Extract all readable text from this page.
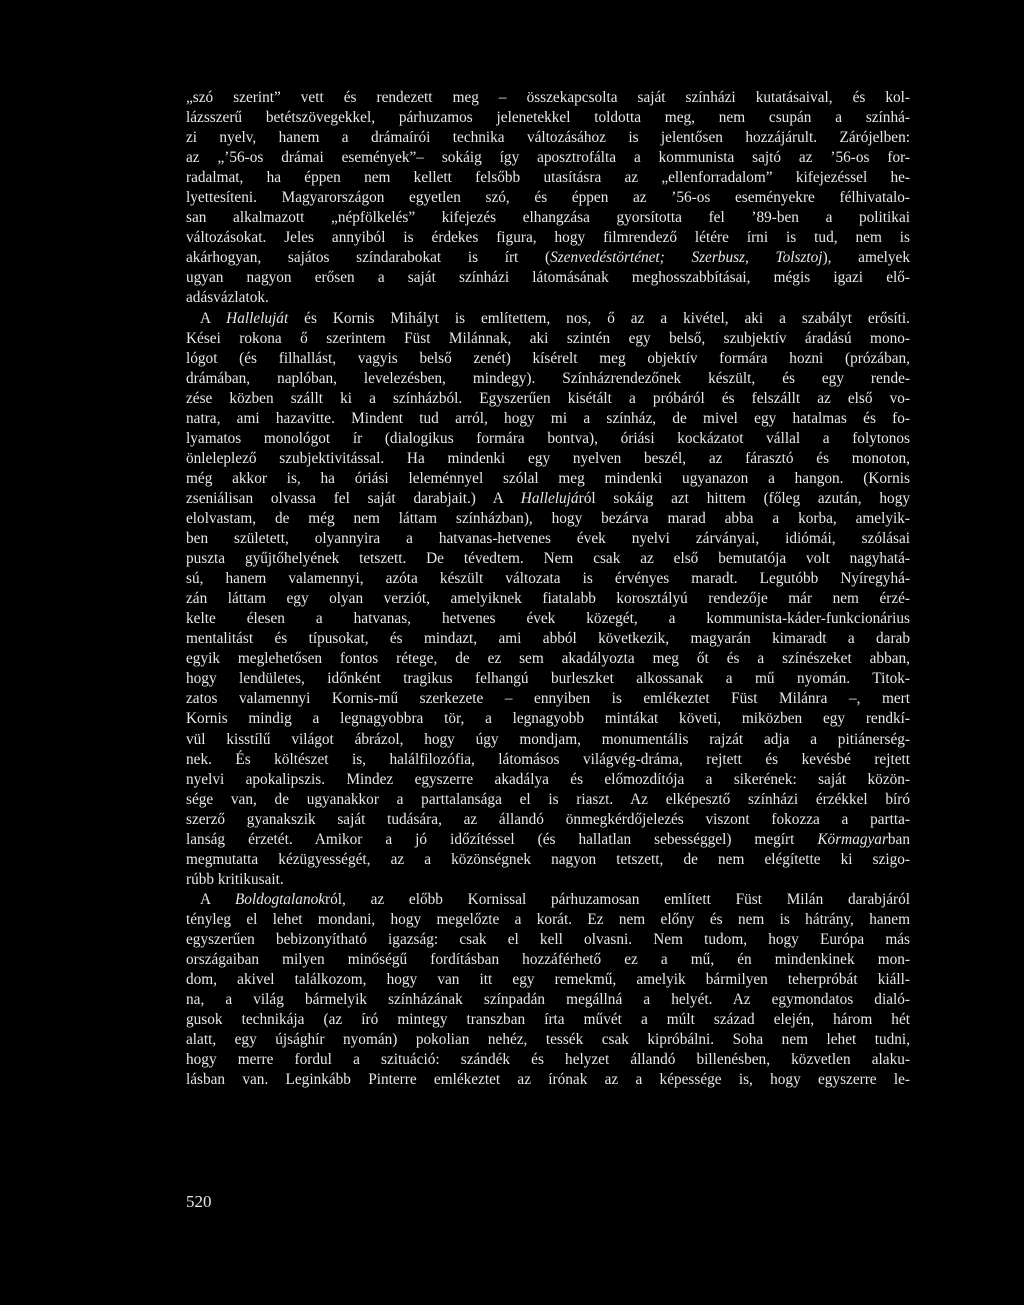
„szó szerint” vett és rendezett meg – összekapcsolta saját színházi kutatásaival, és kol-
lázsszerű betétszövegekkel, párhuzamos jelenetekkel toldotta meg, nem csupán a színhá-
zi nyelv, hanem a drámaírói technika változásához is jelentősen hozzájárult. Zárójelben:
az „’56-os drámai események”– sokáig így aposztrofálta a kommunista sajtó az ’56-os for-
radalmat, ha éppen nem kellett felsőbb utasításra az „ellenforradalom” kifejezéssel he-
lyettesíteni. Magyarországon egyetlen szó, és éppen az ’56-os eseményekre félhivatalo-
san alkalmazott „népfölkelés” kifejezés elhangzása gyorsította fel ’89-ben a politikai
változásokat. Jeles annyiból is érdekes figura, hogy filmrendező létére írni is tud, nem is
akárhogyan, sajátos színdarabokat is írt (Szenvedéstörténet; Szerbusz, Tolsztoj), amelyek
ugyan nagyon erősen a saját színházi látomásának meghosszabbításai, mégis igazi elő-
adásvázlatok.
A Halleluját és Kornis Mihályt is említettem, nos, ő az a kivétel, aki a szabályt erősíti.
Kései rokona ő szerintem Füst Milánnak, aki szintén egy belső, szubjektív áradású mono-
lógot (és filhallást, vagyis belső zenét) kísérelt meg objektív formára hozni (prózában,
drámában, naplóban, levelezésben, mindegy). Színházrendezőnek készült, és egy rende-
zése közben szállt ki a színházból. Egyszerűen kisétált a próbáról és felszállt az első vo-
natra, ami hazavitte. Mindent tud arról, hogy mi a színház, de mivel egy hatalmas és fo-
lyamatos monológot ír (dialogikus formára bontva), óriási kockázatot vállal a folytonos
önleleplező szubjektivitással. Ha mindenki egy nyelven beszél, az fárasztó és monoton,
még akkor is, ha óriási leleménnyel szólal meg mindenki ugyanazon a hangon. (Kornis
zseniálisan olvassa fel saját darabjait.) A Hallelujáról sokáig azt hittem (főleg azután, hogy
elolvastam, de még nem láttam színházban), hogy bezárva marad abba a korba, amelyik-
ben született, olyannyira a hatvanas-hetvenes évek nyelvi zárványai, idiómái, szólásai
puszta gyűjtőhelyének tetszett. De tévedtem. Nem csak az első bemutatója volt nagyhatá-
sú, hanem valamennyi, azóta készült változata is érvényes maradt. Legutóbb Nyíregyhá-
zán láttam egy olyan verziót, amelyiknek fiatalabb korosztályú rendezője már nem érzé-
kelte élesen a hatvanas, hetvenes évek közegét, a kommunista-káder-funkcionárius
mentalitást és típusokat, és mindazt, ami abból következik, magyarán kimaradt a darab
egyik meglehetősen fontos rétege, de ez sem akadályozta meg őt és a színészeket abban,
hogy lendületes, időnként tragikus felhangú burleszket alkossanak a mű nyomán. Titok-
zatos valamennyi Kornis-mű szerkezete – ennyiben is emlékeztet Füst Milánra –, mert
Kornis mindig a legnagyobbra tör, a legnagyobb mintákat követi, miközben egy rendkí-
vül kisstílű világot ábrázol, hogy úgy mondjam, monumentális rajzát adja a pitiánerség-
nek. És költészet is, halálfilozófia, látomásos világvég-dráma, rejtett és kevésbé rejtett
nyelvi apokalipszis. Mindez egyszerre akadálya és előmozdítója a sikerének: saját közön-
sége van, de ugyanakkor a parttalansága el is riaszt. Az elképesztő színházi érzékkel bíró
szerző gyanakszik saját tudására, az állandó önmegkérdőjelezés viszont fokozza a partta-
lanság érzetét. Amikor a jó időzítéssel (és hallatlan sebességgel) megírt Körmagyarban
megmutatta kézügyességét, az a közönségnek nagyon tetszett, de nem elégítette ki szigo-
rúbb kritikusait.
A Boldogtalanokról, az előbb Kornissal párhuzamosan említett Füst Milán darabjáról
tényleg el lehet mondani, hogy megelőzte a korát. Ez nem előny és nem is hátrány, hanem
egyszerűen bebizonyítható igazság: csak el kell olvasni. Nem tudom, hogy Európa más
országaiban milyen minőségű fordításban hozzáférhető ez a mű, én mindenkinek mon-
dom, akivel találkozom, hogy van itt egy remekmű, amelyik bármilyen teherpróbát kiáll-
na, a világ bármelyik színházának színpadán megállná a helyét. Az egymondatos dialó-
gusok technikája (az író mintegy transzban írta művét a múlt század elején, három hét
alatt, egy újsághír nyomán) pokolian nehéz, tessék csak kipróbálni. Soha nem lehet tudni,
hogy merre fordul a szituáció: szándék és helyzet állandó billenésben, közvetlen alaku-
lásban van. Leginkább Pinterre emlékeztet az írónak az a képessége is, hogy egyszerre le-
520
